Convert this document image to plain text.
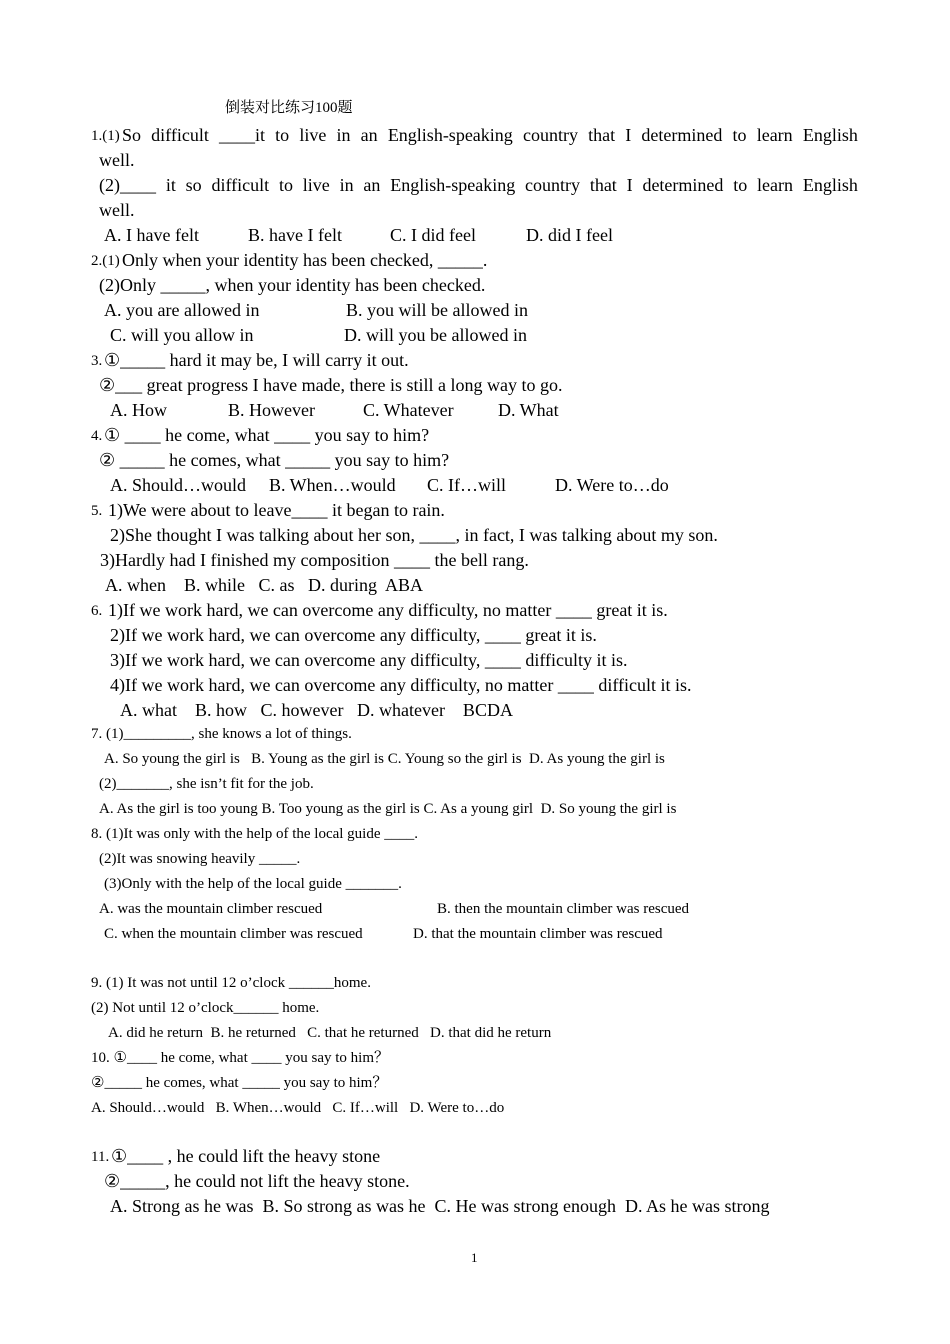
倒装对比练习100题
1.(1) So difficult ____it to live in an English-speaking country that I determined to learn English
well.
(2)____ it so difficult to live in an English-speaking country that I determined to learn English
well.
A. I have felt	B. have I felt	C. I did feel	D. did I feel
2.(1) Only when your identity has been checked, _____.
(2)Only _____, when your identity has been checked.
A. you are allowed in	B. you will be allowed in
C. will you allow in	D. will you be allowed in
3. ①_____ hard it may be, I will carry it out.
②___ great progress I have made, there is still a long way to go.
A. How	B. However	C. Whatever D. What
4. ① ____ he come, what ____ you say to him?
② _____ he comes, what _____ you say to him?
A. Should…would B. When…would C. If…will	D. Were to…do
5. 1)We were about to leave____ it began to rain.
2)She thought I was talking about her son, ____, in fact, I was talking about my son.
3)Hardly had I finished my composition ____ the bell rang.
A. when    B. while   C. as   D. during  ABA
6. 1)If we work hard, we can overcome any difficulty, no matter ____ great it is.
2)If we work hard, we can overcome any difficulty, ____ great it is.
3)If we work hard, we can overcome any difficulty, ____ difficulty it is.
4)If we work hard, we can overcome any difficulty, no matter ____ difficult it is.
A. what    B. how   C. however   D. whatever    BCDA
7. (1)_________, she knows a lot of things.
A. So young the girl is   B. Young as the girl is C. Young so the girl is  D. As young the girl is
(2)_______, she isn’t fit for the job.
A. As the girl is too young B. Too young as the girl is C. As a young girl  D. So young the girl is
8. (1)It was only with the help of the local guide ____.
(2)It was snowing heavily _____.
(3)Only with the help of the local guide _______.
A. was the mountain climber rescued	B. then the mountain climber was rescued
C. when the mountain climber was rescued	D. that the mountain climber was rescued
9. (1) It was not until 12 o’clock ______home.
(2) Not until 12 o’clock______ home.
A. did he return  B. he returned   C. that he returned   D. that did he return
10. ①____ he come, what ____ you say to him？
②_____ he comes, what _____ you say to him？
A. Should…would   B. When…would   C. If…will   D. Were to…do
11. ①____ , he could lift the heavy stone
②_____, he could not lift the heavy stone.
A. Strong as he was  B. So strong as was he  C. He was strong enough  D. As he was strong
1
